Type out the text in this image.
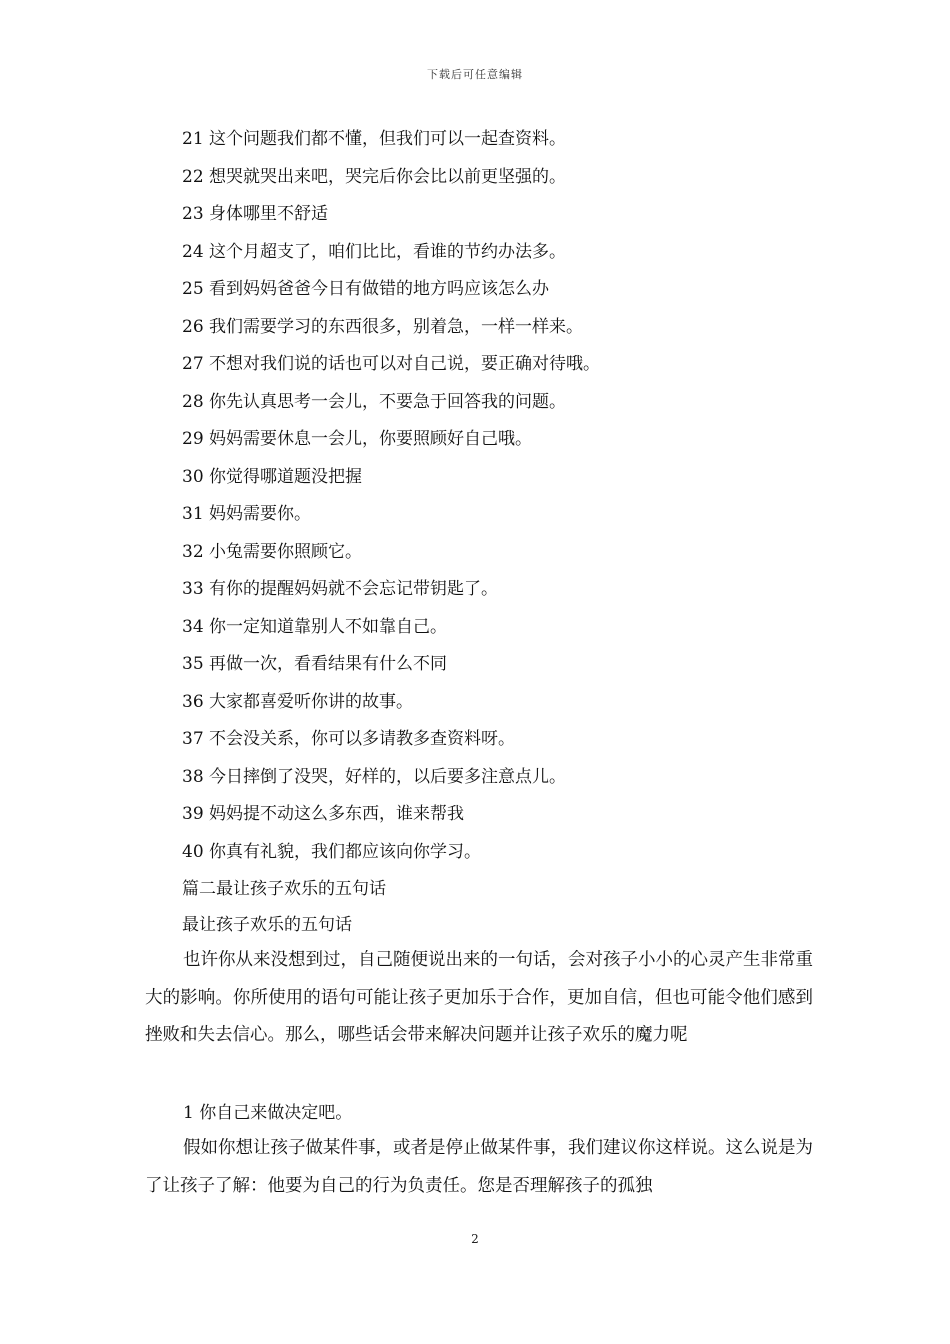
下载后可任意编辑
21 这个问题我们都不懂，但我们可以一起查资料。
22 想哭就哭出来吧，哭完后你会比以前更坚强的。
23 身体哪里不舒适
24 这个月超支了，咱们比比，看谁的节约办法多。
25 看到妈妈爸爸今日有做错的地方吗应该怎么办
26 我们需要学习的东西很多，别着急，一样一样来。
27 不想对我们说的话也可以对自己说，要正确对待哦。
28 你先认真思考一会儿，不要急于回答我的问题。
29 妈妈需要休息一会儿，你要照顾好自己哦。
30 你觉得哪道题没把握
31 妈妈需要你。
32 小兔需要你照顾它。
33 有你的提醒妈妈就不会忘记带钥匙了。
34 你一定知道靠别人不如靠自己。
35 再做一次，看看结果有什么不同
36 大家都喜爱听你讲的故事。
37 不会没关系，你可以多请教多查资料呀。
38 今日摔倒了没哭，好样的，以后要多注意点儿。
39 妈妈提不动这么多东西，谁来帮我
40 你真有礼貌，我们都应该向你学习。
篇二最让孩子欢乐的五句话
最让孩子欢乐的五句话

也许你从来没想到过，自己随便说出来的一句话，会对孩子小小的心灵产生非常重大的影响。你所使用的语句可能让孩子更加乐于合作，更加自信，但也可能令他们感到挫败和失去信心。那么，哪些话会带来解决问题并让孩子欢乐的魔力呢

1 你自己来做决定吧。

假如你想让孩子做某件事，或者是停止做某件事，我们建议你这样说。这么说是为了让孩子了解：他要为自己的行为负责任。您是否理解孩子的孤独

2
